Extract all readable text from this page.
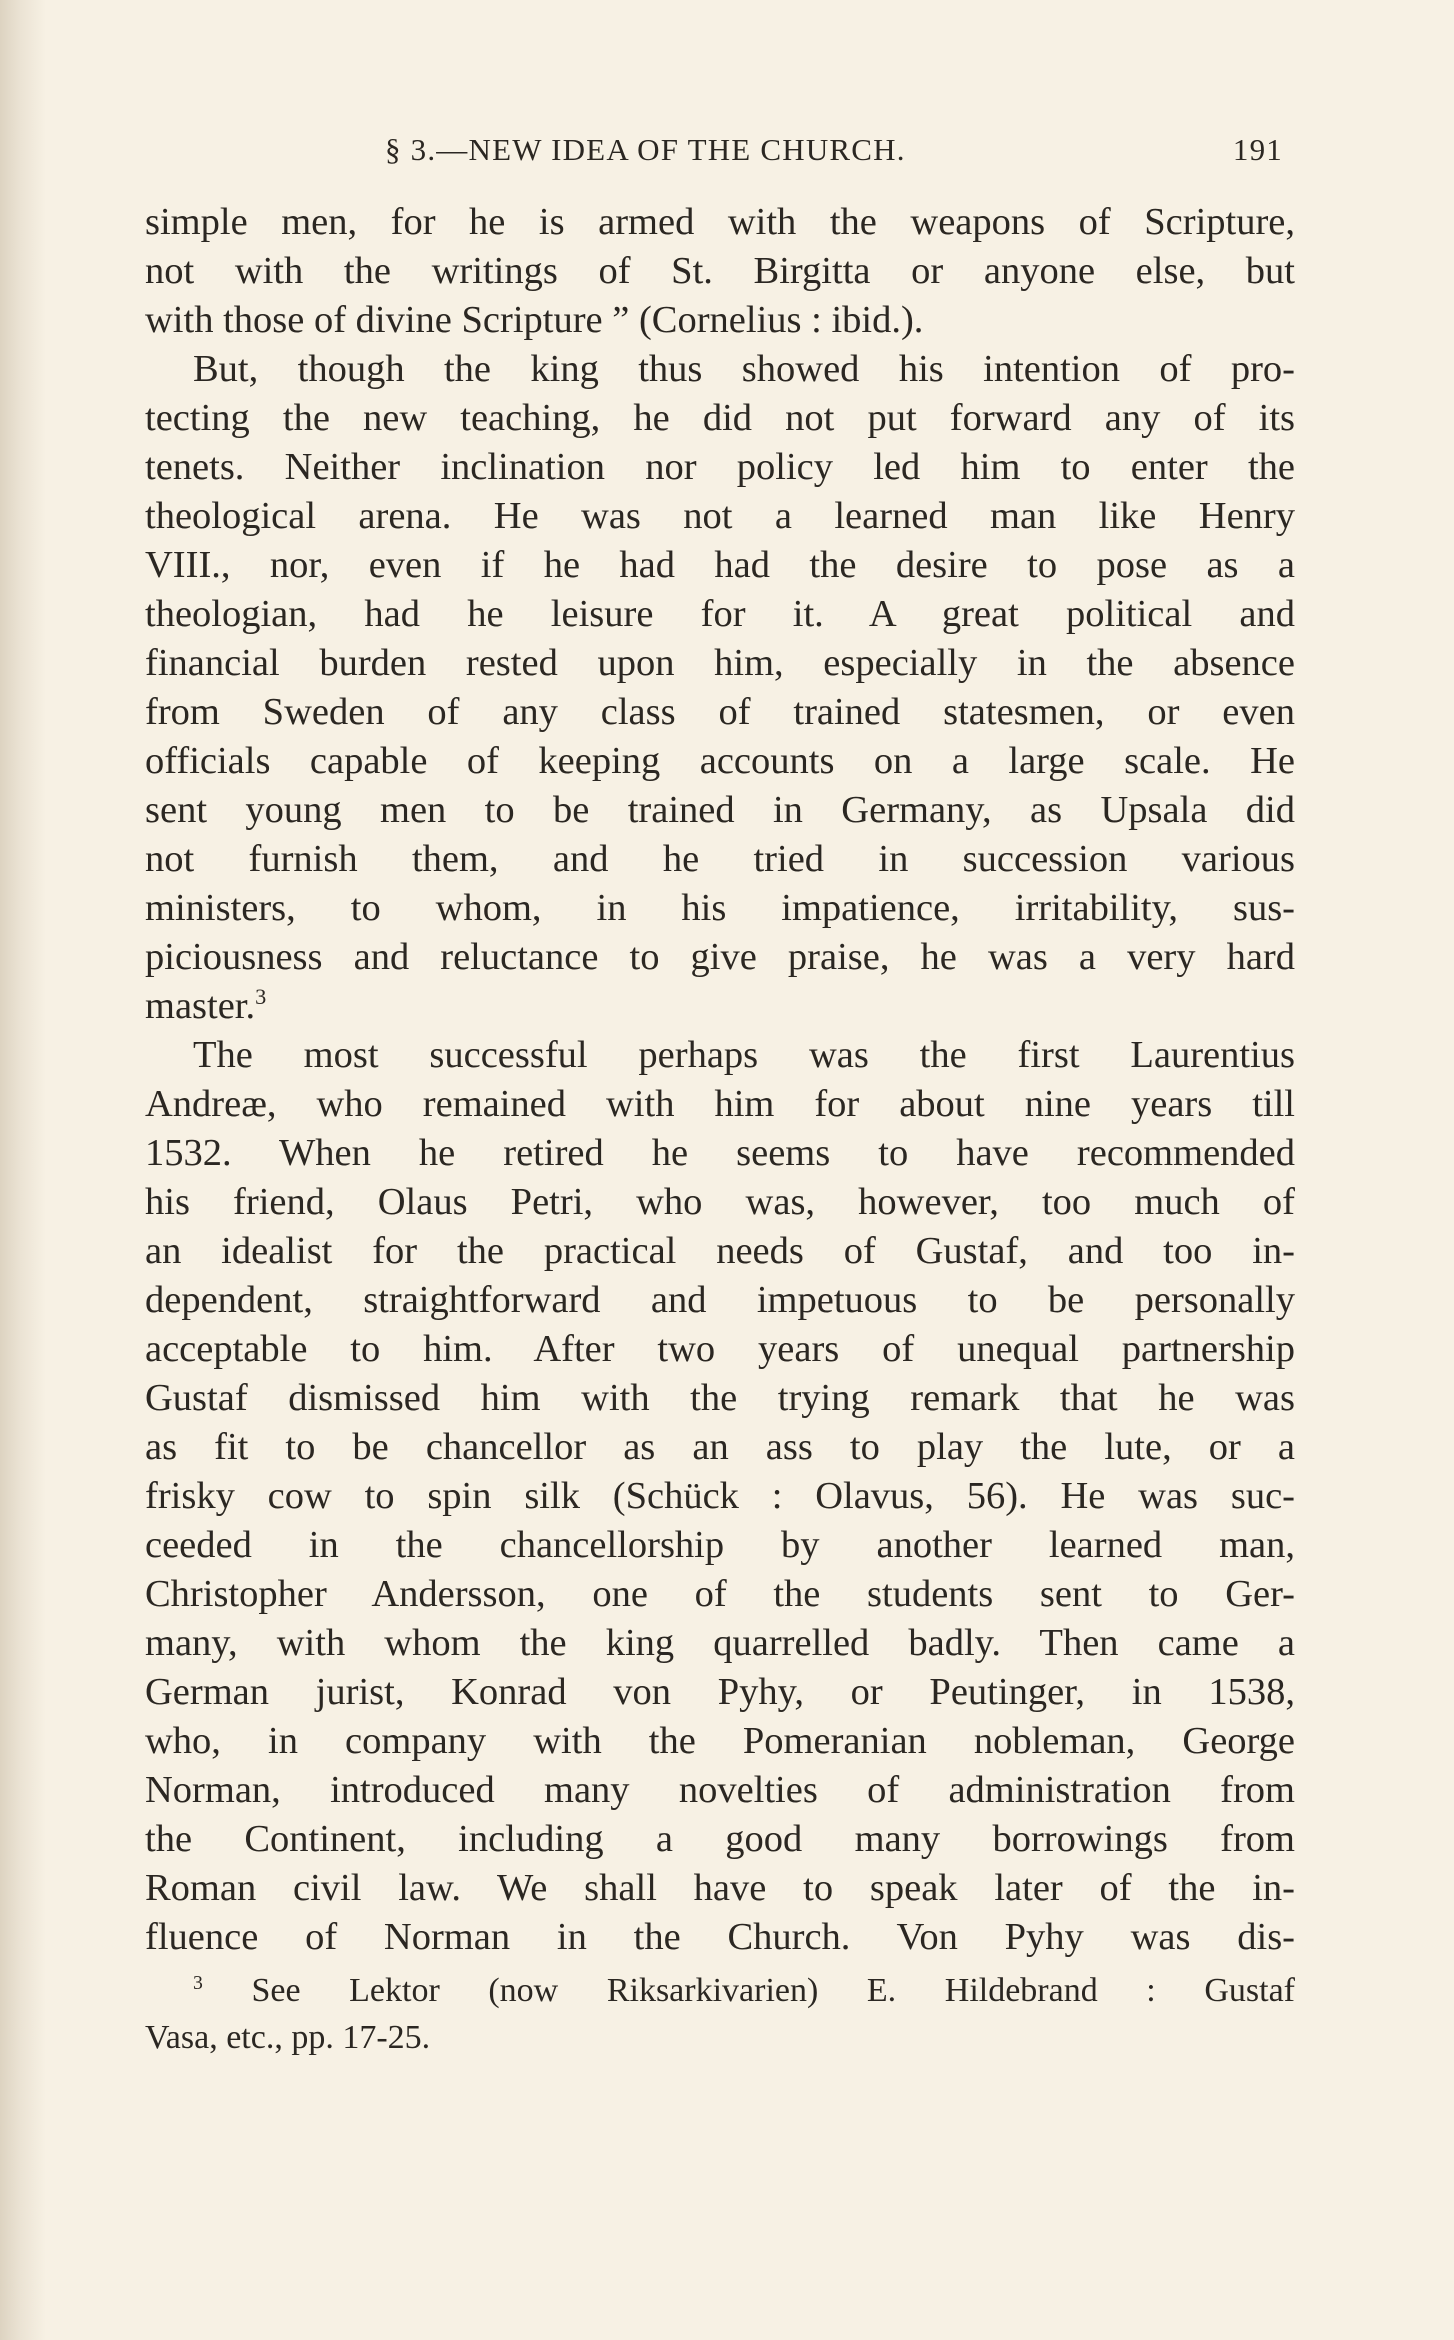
§ 3.—NEW IDEA OF THE CHURCH.	191
simple men, for he is armed with the weapons of Scripture,
not with the writings of St. Birgitta or anyone else, but
with those of divine Scripture ” (Cornelius : ibid.).
But, though the king thus showed his intention of pro-
tecting the new teaching, he did not put forward any of its
tenets. Neither inclination nor policy led him to enter the
theological arena. He was not a learned man like Henry
VIII., nor, even if he had had the desire to pose as a
theologian, had he leisure for it. A great political and
financial burden rested upon him, especially in the absence
from Sweden of any class of trained statesmen, or even
officials capable of keeping accounts on a large scale. He
sent young men to be trained in Germany, as Upsala did
not furnish them, and he tried in succession various
ministers, to whom, in his impatience, irritability, sus-
piciousness and reluctance to give praise, he was a very hard
master.$^3$
The most successful perhaps was the first Laurentius
Andreæ, who remained with him for about nine years till
1532. When he retired he seems to have recommended
his friend, Olaus Petri, who was, however, too much of
an idealist for the practical needs of Gustaf, and too in-
dependent, straightforward and impetuous to be personally
acceptable to him. After two years of unequal partnership
Gustaf dismissed him with the trying remark that he was
as fit to be chancellor as an ass to play the lute, or a
frisky cow to spin silk (Schück : Olavus, 56). He was suc-
ceeded in the chancellorship by another learned man,
Christopher Andersson, one of the students sent to Ger-
many, with whom the king quarrelled badly. Then came a
German jurist, Konrad von Pyhy, or Peutinger, in 1538,
who, in company with the Pomeranian nobleman, George
Norman, introduced many novelties of administration from
the Continent, including a good many borrowings from
Roman civil law. We shall have to speak later of the in-
fluence of Norman in the Church. Von Pyhy was dis-
$^3$ See Lektor (now Riksarkivarien) E. Hildebrand : Gustaf
Vasa, etc., pp. 17-25.
